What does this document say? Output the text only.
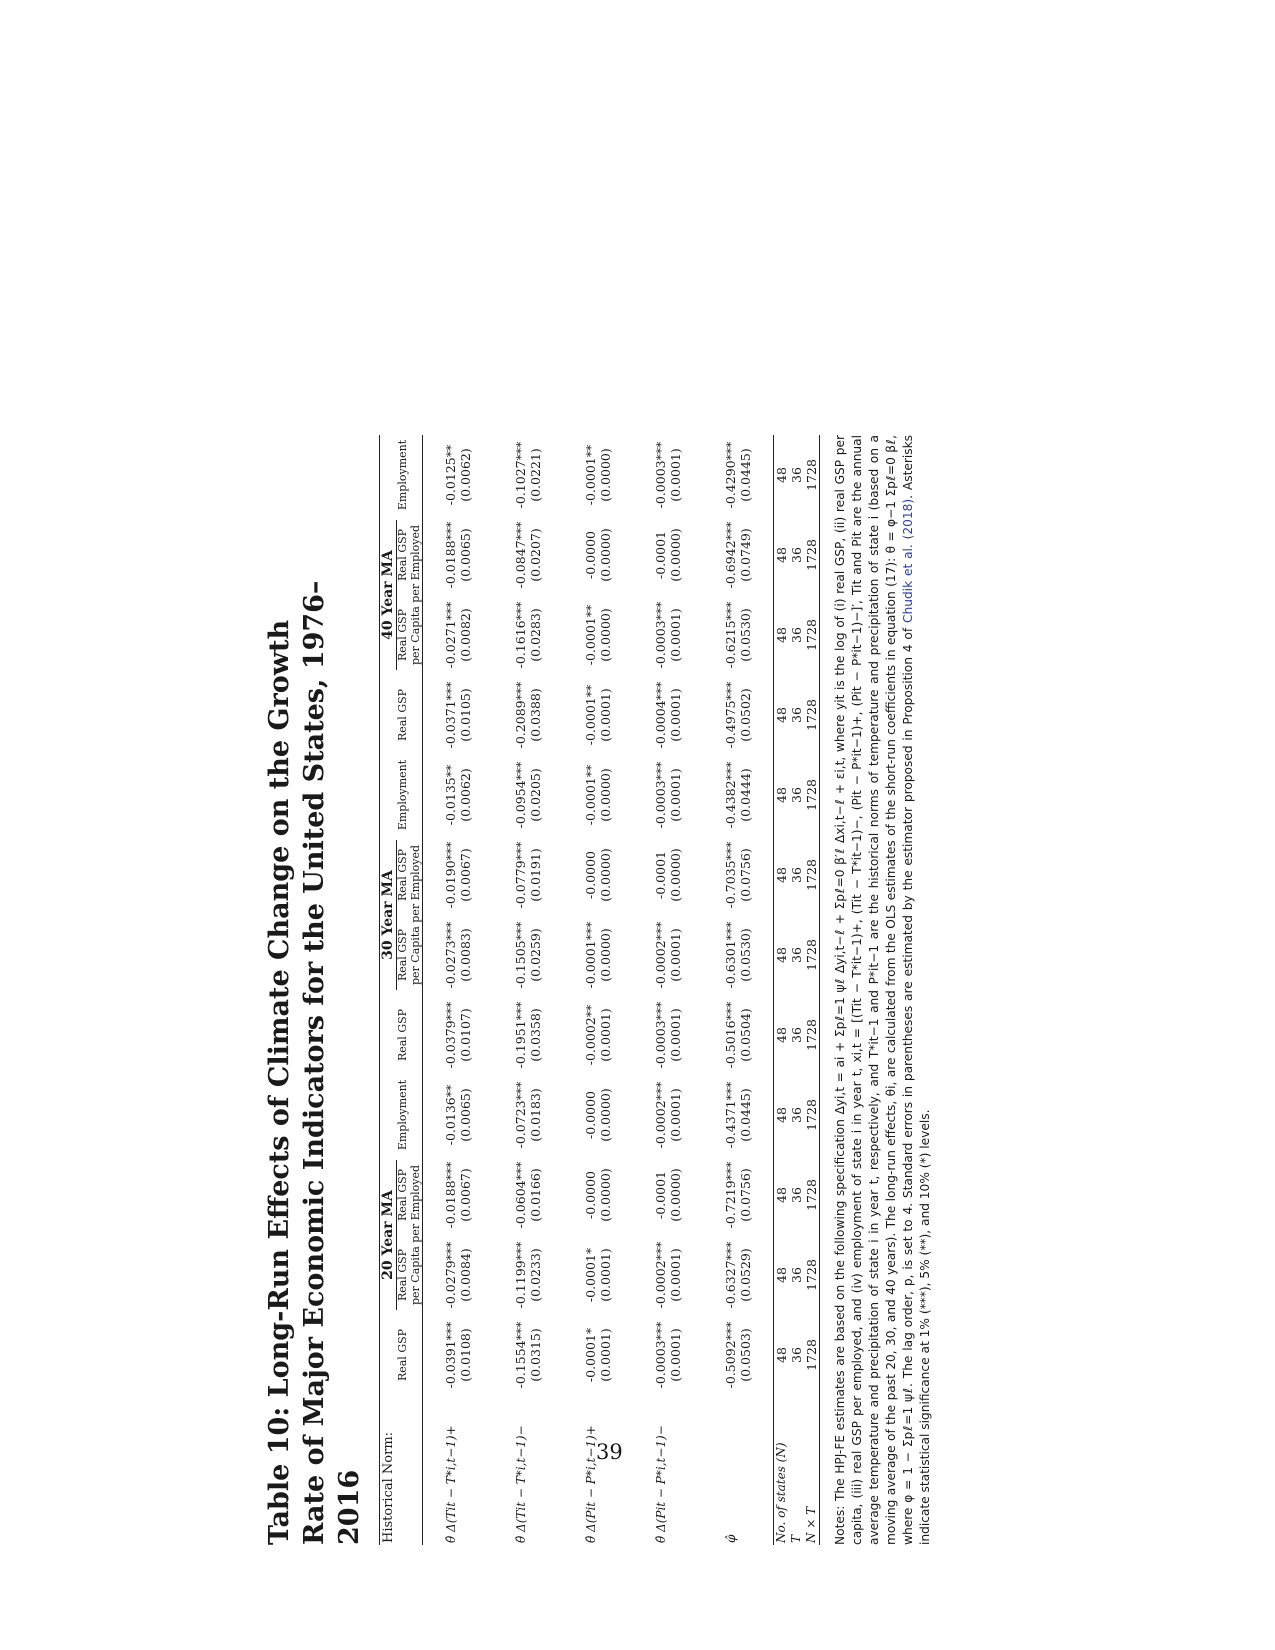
Table 10: Long-Run Effects of Climate Change on the Growth Rate of Major Economic Indicators for the United States, 1976–2016 Historical Norm:	20 Year MA				30 Year MA				40 Year MA			
	Real GSP	Real GSP	Real GSP	Employment	Real GSP	Real GSP	Real GSP	Employment	Real GSP	Real GSP	Real GSP	Employment
		per Capita per Employed				per Capita per Employed				per Capita per Employed		
θ̂ Δ(Tit − T*i,t−1)+	-0.0391***	-0.0279***	-0.0188***	-0.0136**	-0.0379***	-0.0273***	-0.0190***	-0.0135**	-0.0371***	-0.0271***	-0.0188***	-0.0125**
	(0.0108)	(0.0084)	(0.0067)	(0.0065)	(0.0107)	(0.0083)	(0.0067)	(0.0062)	(0.0105)	(0.0082)	(0.0065)	(0.0062)
θ̂ Δ(Tit − T*i,t−1)−	-0.1554***	-0.1199***	-0.0604***	-0.0723***	-0.1951***	-0.1505***	-0.0779***	-0.0954***	-0.2089***	-0.1616***	-0.0847***	-0.1027***
	(0.0315)	(0.0233)	(0.0166)	(0.0183)	(0.0358)	(0.0259)	(0.0191)	(0.0205)	(0.0388)	(0.0283)	(0.0207)	(0.0221)
θ̂ Δ(Pit − P*i,t−1)+	-0.0001*	-0.0001*	-0.0000	-0.0000	-0.0002**	-0.0001***	-0.0000	-0.0001**	-0.0001**	-0.0001**	-0.0000	-0.0001**
	(0.0001)	(0.0001)	(0.0000)	(0.0000)	(0.0001)	(0.0000)	(0.0000)	(0.0000)	(0.0001)	(0.0000)	(0.0000)	(0.0000)
θ̂ Δ(Pit − P*i,t−1)−	-0.0003***	-0.0002***	-0.0001	-0.0002***	-0.0003***	-0.0002***	-0.0001	-0.0003***	-0.0004***	-0.0003***	-0.0001	-0.0003***
	(0.0001)	(0.0001)	(0.0000)	(0.0001)	(0.0001)	(0.0001)	(0.0000)	(0.0001)	(0.0001)	(0.0001)	(0.0000)	(0.0001)
φ̂	-0.5092***	-0.6327***	-0.7219***	-0.4371***	-0.5016***	-0.6301***	-0.7035***	-0.4382***	-0.4975***	-0.6215***	-0.6942***	-0.4290***
	(0.0503)	(0.0529)	(0.0756)	(0.0445)	(0.0504)	(0.0530)	(0.0756)	(0.0444)	(0.0502)	(0.0530)	(0.0749)	(0.0445)
No. of states (N)	48	48	48	48	48	48	48	48	48	48	48	48
T	36	36	36	36	36	36	36	36	36	36	36	36
N × T	1728	1728	1728	1728	1728	1728	1728	1728	1728	1728	1728	1728 Notes: The HPJ-FE estimates are based on the following specification Δyi,t = ai + Σpℓ=1 ψℓ Δyi,t−ℓ + Σpℓ=0 β′ℓ Δxi,t−ℓ + εi,t, where yit is the log of (i) real GSP, (ii) real GSP per capita, (iii) real GSP per employed, and (iv) employment of state i in year t, xi,t = [(Tit − T*it−1)+, (Tit − T*it−1)−, (Pit − P*it−1)+, (Pit − P*it−1)−]′, Tit and Pit are the annual average temperature and precipitation of state i in year t, respectively, and T*it−1 and P*it−1 are the historical norms of temperature and precipitation of state i (based on a moving average of the past 20, 30, and 40 years). The long-run effects, θi, are calculated from the OLS estimates of the short-run coefficients in equation (17): θ = φ−1 Σpℓ=0 βℓ, where φ = 1 − Σpℓ=1 ψℓ. The lag order, p, is set to 4. Standard errors in parentheses are estimated by the estimator proposed in Proposition 4 of Chudik et al. (2018). Asterisks indicate statistical significance at 1% (***), 5% (**), and 10% (*) levels.
39
